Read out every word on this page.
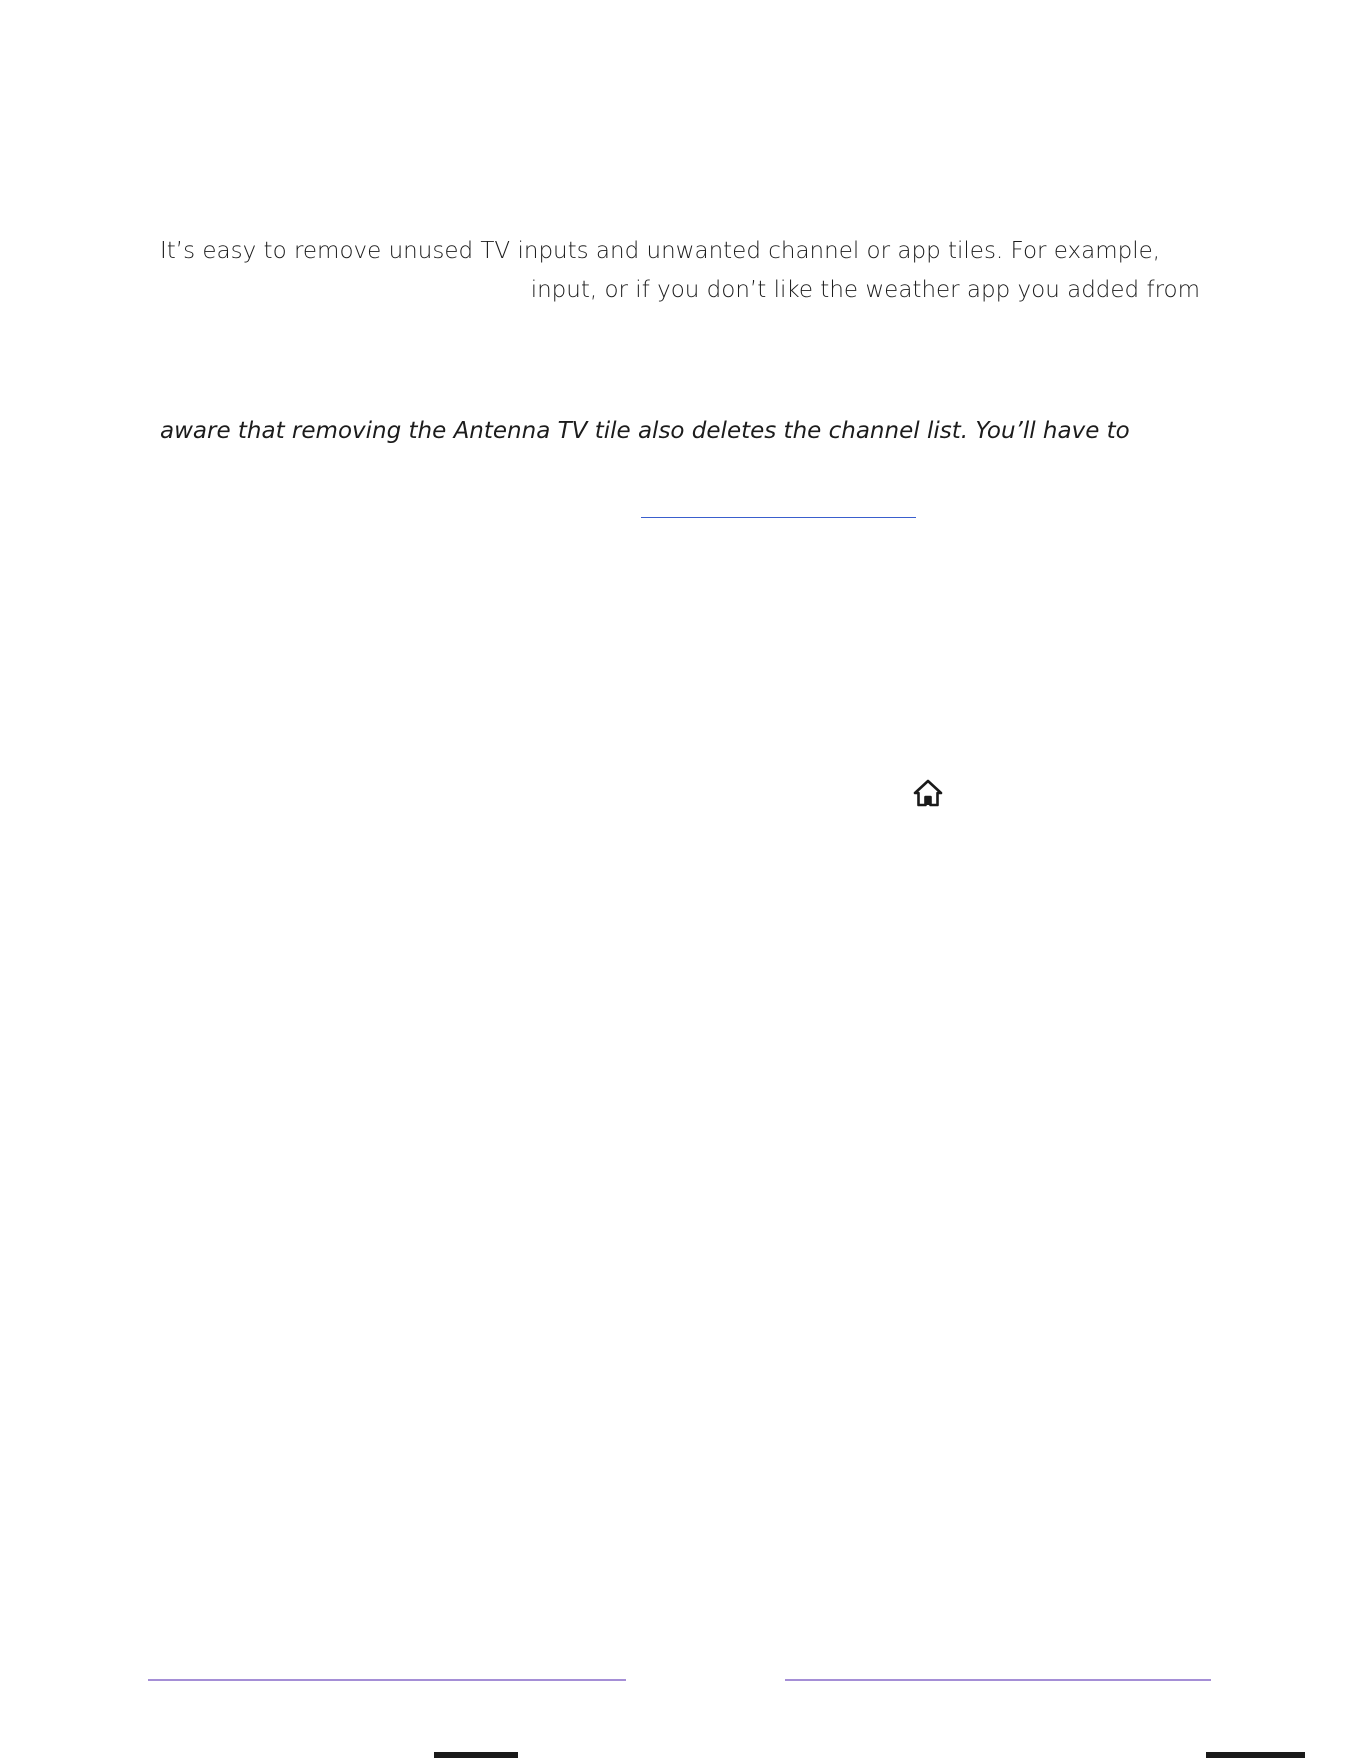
It’s easy to remove unused TV inputs and unwanted channel or app tiles. For example,
input, or if you don’t like the weather app you added from
aware that removing the Antenna TV tile also deletes the channel list. You’ll have to
